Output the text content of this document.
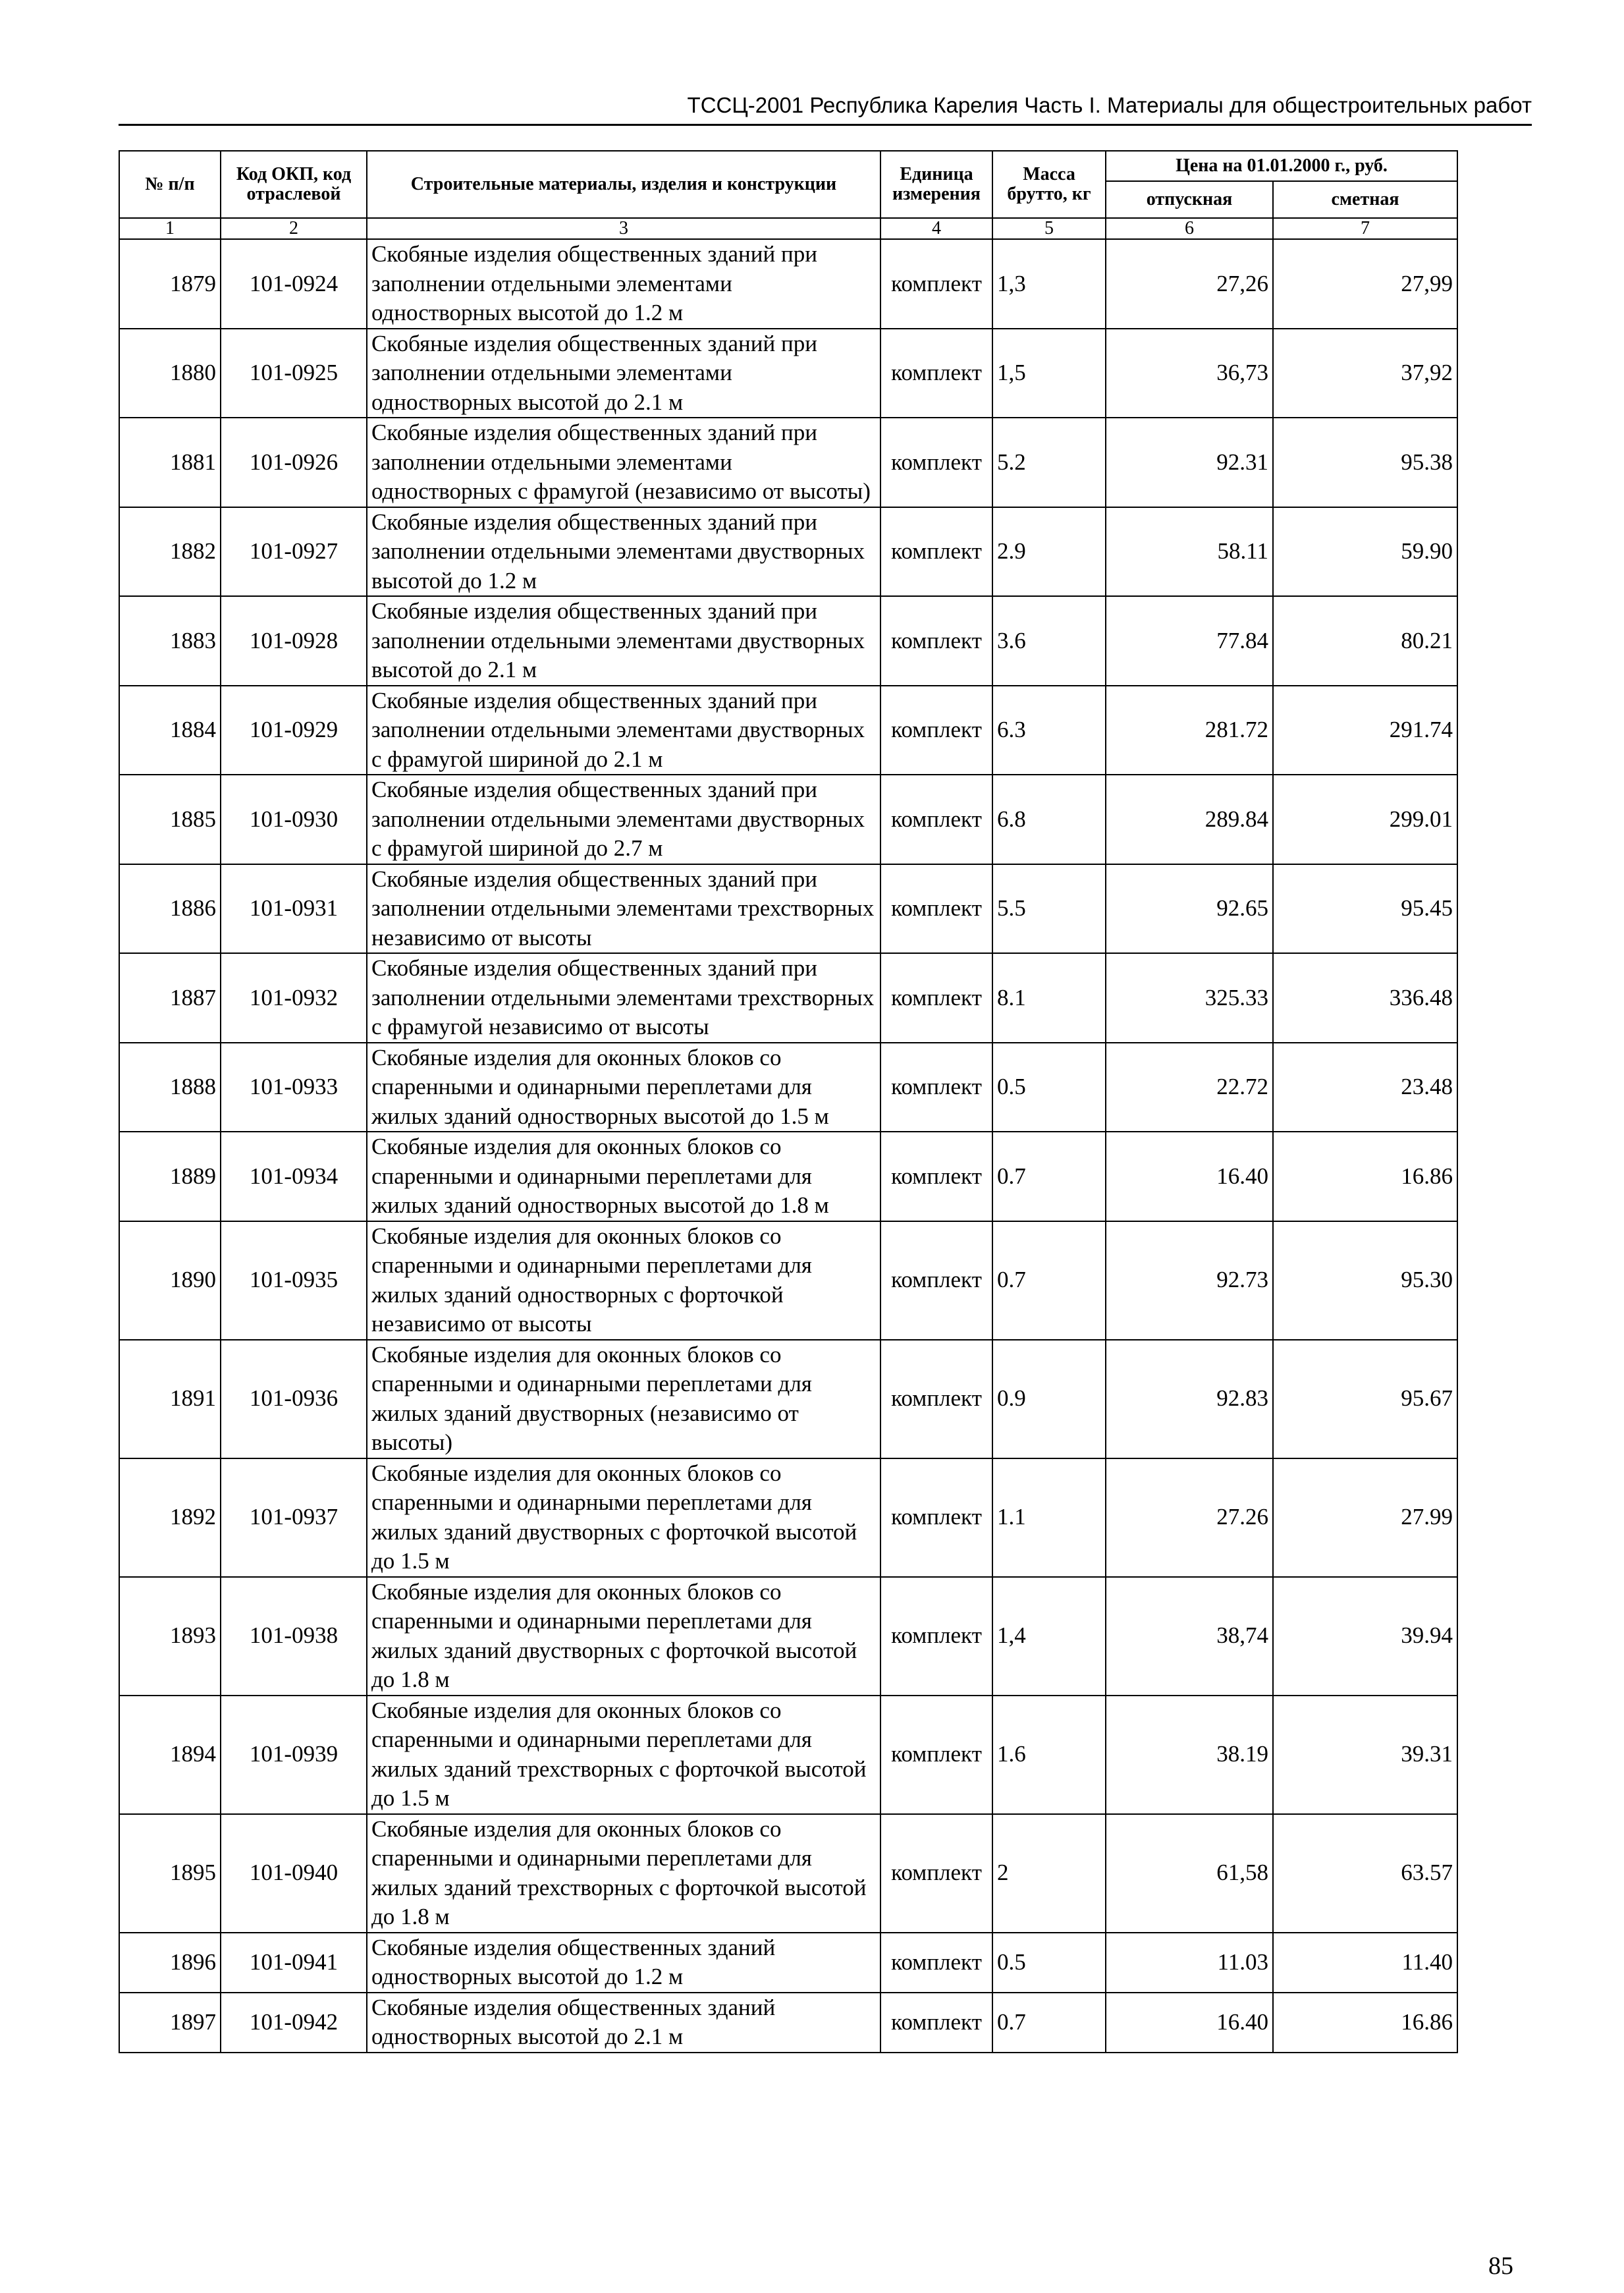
ТССЦ-2001 Республика Карелия Часть I. Материалы для общестроительных работ
№ п/п	Код ОКП, код отраслевой	Строительные материалы, изделия и конструкции	Единица измерения	Масса брутто, кг	Цена на 01.01.2000 г., руб.	
					отпускная	сметная
1	2	3	4	5	6	7
1879	101-0924	Скобяные изделия общественных зданий при заполнении отдельными элементами одностворных высотой до 1.2 м	комплект	1,3	27,26	27,99
1880	101-0925	Скобяные изделия общественных зданий при заполнении отдельными элементами одностворных высотой до 2.1 м	комплект	1,5	36,73	37,92
1881	101-0926	Скобяные изделия общественных зданий при заполнении отдельными элементами одностворных с фрамугой (независимо от высоты)	комплект	5.2	92.31	95.38
1882	101-0927	Скобяные изделия общественных зданий при заполнении отдельными элементами двустворных высотой до 1.2 м	комплект	2.9	58.11	59.90
1883	101-0928	Скобяные изделия общественных зданий при заполнении отдельными элементами двустворных высотой до 2.1 м	комплект	3.6	77.84	80.21
1884	101-0929	Скобяные изделия общественных зданий при заполнении отдельными элементами двустворных с фрамугой шириной до 2.1 м	комплект	6.3	281.72	291.74
1885	101-0930	Скобяные изделия общественных зданий при заполнении отдельными элементами двустворных с фрамугой шириной до 2.7 м	комплект	6.8	289.84	299.01
1886	101-0931	Скобяные изделия общественных зданий при заполнении отдельными элементами трехстворных независимо от высоты	комплект	5.5	92.65	95.45
1887	101-0932	Скобяные изделия общественных зданий при заполнении отдельными элементами трехстворных с фрамугой независимо от высоты	комплект	8.1	325.33	336.48
1888	101-0933	Скобяные изделия для оконных блоков со спаренными и одинарными переплетами для жилых зданий одностворных высотой до 1.5 м	комплект	0.5	22.72	23.48
1889	101-0934	Скобяные изделия для оконных блоков со спаренными и одинарными переплетами для жилых зданий одностворных высотой до 1.8 м	комплект	0.7	16.40	16.86
1890	101-0935	Скобяные изделия для оконных блоков со спаренными и одинарными переплетами для жилых зданий одностворных с форточкой независимо от высоты	комплект	0.7	92.73	95.30
1891	101-0936	Скобяные изделия для оконных блоков со спаренными и одинарными переплетами для жилых зданий двустворных (независимо от высоты)	комплект	0.9	92.83	95.67
1892	101-0937	Скобяные изделия для оконных блоков со спаренными и одинарными переплетами для жилых зданий двустворных с форточкой высотой до 1.5 м	комплект	1.1	27.26	27.99
1893	101-0938	Скобяные изделия для оконных блоков со спаренными и одинарными переплетами для жилых зданий двустворных с форточкой высотой до 1.8 м	комплект	1,4	38,74	39.94
1894	101-0939	Скобяные изделия для оконных блоков со спаренными и одинарными переплетами для жилых зданий трехстворных с форточкой высотой до 1.5 м	комплект	1.6	38.19	39.31
1895	101-0940	Скобяные изделия для оконных блоков со спаренными и одинарными переплетами для жилых зданий трехстворных с форточкой высотой до 1.8 м	комплект	2	61,58	63.57
1896	101-0941	Скобяные изделия общественных зданий одностворных высотой до 1.2 м	комплект	0.5	11.03	11.40
1897	101-0942	Скобяные изделия общественных зданий одностворных высотой до 2.1 м	комплект	0.7	16.40	16.86
85
